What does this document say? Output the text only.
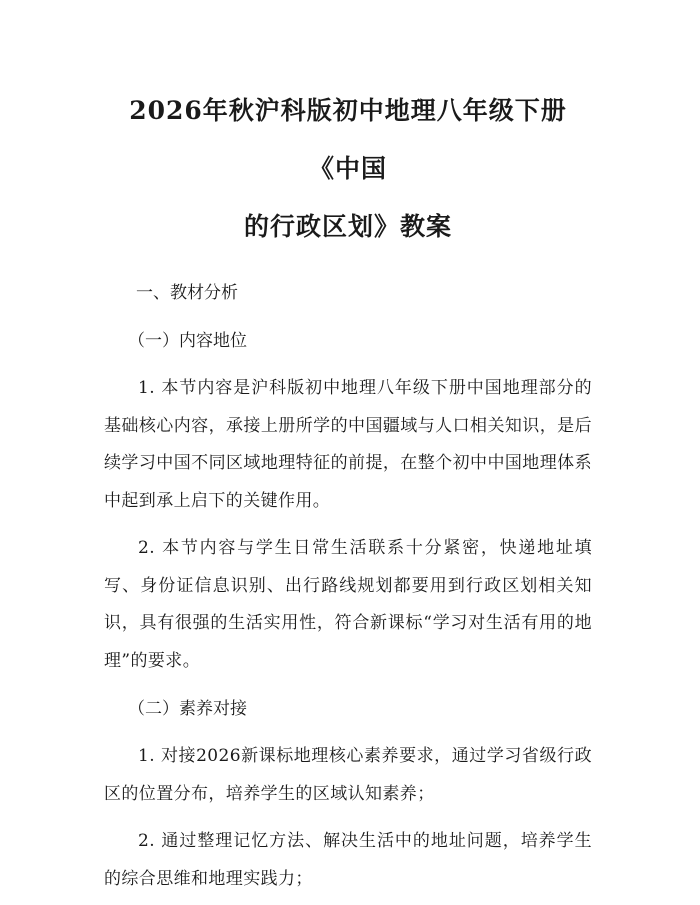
2026年秋沪科版初中地理八年级下册《中国
的行政区划》教案

一、教材分析

（一）内容地位

1. 本节内容是沪科版初中地理八年级下册中国地理部分的基础核心内容，承接上册所学的中国疆域与人口相关知识，是后续学习中国不同区域地理特征的前提，在整个初中中国地理体系中起到承上启下的关键作用。

2. 本节内容与学生日常生活联系十分紧密，快递地址填写、身份证信息识别、出行路线规划都要用到行政区划相关知识，具有很强的生活实用性，符合新课标“学习对生活有用的地理”的要求。

（二）素养对接

1. 对接2026新课标地理核心素养要求，通过学习省级行政区的位置分布，培养学生的区域认知素养；

2. 通过整理记忆方法、解决生活中的地址问题，培养学生的综合思维和地理实践力；
